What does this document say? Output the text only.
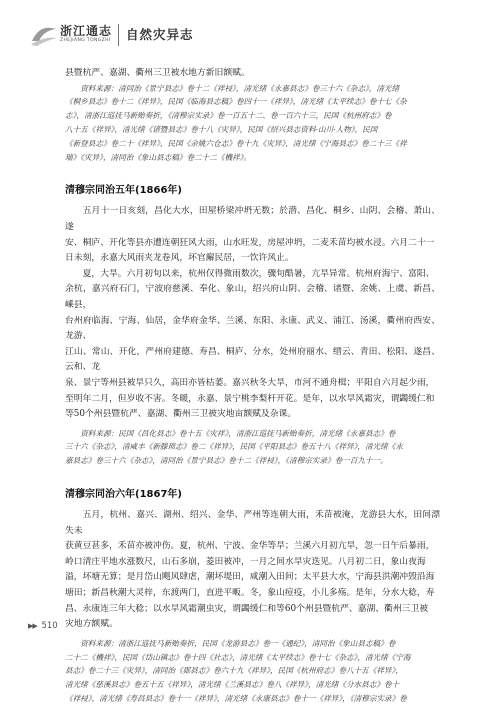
浙江通志
ZHEJIANG TONGZHI 自然灾异志

县暨杭严、嘉湖、衢州三卫被水地方新旧额赋。

资料来源：清同治《景宁县志》卷十二《祥祲》，清光绪《永嘉县志》卷三十六《杂志》，清光绪
《桐乡县志》卷十二《祥异》，民国《临海县志稿》卷四十一《祥异》，清光绪《太平续志》卷十七《杂
志》，清浙江巡抚马新贻奏折，《清穆宗实录》卷一百五十二、卷一百六十三，民国《杭州府志》卷
八十五《祥异》，清光绪《诸暨县志》卷十八《灾异》，民国《绍兴县志资料·山川·人物》，民国
《新登县志》卷二十《祥异》，民国《余姚六仓志》卷十九《灾异》，清光绪《宁海县志》卷二十三《祥
瑞》《灾异》，清同治《象山县志稿》卷二十二《機祥》。

清穆宗同治五年(1866年)

五月十一日亥刻，昌化大水，田屋桥梁冲坍无数；於潜、昌化、桐乡、山阴、会稽、萧山、遂
安、桐庐、开化等县亦遭连朝狂风大雨，山水旺发，房屋冲坍，二麦禾苗均被水浸。六月二十一
日未刻，永嘉大风雨夹龙卷风，坏官廨民居，一饮许风止。

夏，大旱。六月初旬以来，杭州仅得微雨数次，骤旬酷暑，亢旱异常。杭州府海宁、富阳、
余杭，嘉兴府石门，宁波府慈溪、奉化、象山，绍兴府山阴、会稽、诸暨、余姚、上虞、新昌、嵊县，
台州府临海、宁海、仙居，金华府金华、兰溪、东阳、永康、武义、浦江、汤溪，衢州府西安、龙游、
江山、常山、开化，严州府建德、寿昌、桐庐、分水，处州府丽水、缙云、青田、松阳、遂昌、云和、龙
泉、景宁等州县被旱只久，高田亦皆枯萎。嘉兴秋冬大旱，市河不通舟楫；平阳自六月起少雨，
至明年二月，但岁收不害。冬暖，永嘉、景宁桃李梨杆开花。是年，以水旱风霜灾，谓蠲缓仁和
等50个州县暨杭严、嘉湖、衢州三卫被灾地亩额赋及杂课。

资料来源：民国《昌化县志》卷十五《灾祥》，清浙江巡抚马新贻奏折，清光绪《永嘉县志》卷
三十六《杂志》，清咸丰《新滕琐志》卷二《祥异》，民国《平阳县志》卷五十八《祥异》，清光绪《永
嘉县志》卷三十六《杂志》，清同治《景宁县志》卷十二《祥祲》，《清穆宗实录》卷一百九十一。

清穆宗同治六年(1867年)

五月，杭州、嘉兴、湖州、绍兴、金华、严州等连朝大雨，禾苗被淹，龙游县大水，田间漂失未
获黄豆甚多，禾苗亦被冲伤。夏，杭州、宁波、金华等旱；兰溪六月初亢旱，忽一日午后暴雨，
岭口清庄平地水涨数尺，山石多崩，菱田被冲，一月之间水旱灾迭见。八月初二日，象山夜海
溢，坏塘无算；是月岱山飓风肆虐，潮坏堤田，咸潮入田间；太平县大水，宁海县洪潮冲毁沿海
塘田；新昌秋潮大灵梓，东渡两门，直进平畈。冬，象山痘疫，小儿多殇。是年，分水大稔，寿
昌、永康连三年大稔；以水旱风霜潮虫灾，谓蠲缓仁和等60个州县暨杭严、嘉湖、衢州三卫被
灾地方额赋。

资料来源：清浙江巡抚马新贻奏折，民国《龙游县志》卷一《通纪》，清同治《象山县志稿》卷
二十二《機祥》，民国《岱山镇志》卷十四《社志》，清光绪《太平续志》卷十七《杂志》，清光绪《宁海
县志》卷二十三《灾异》，清同治《郧县志》卷六十九《祥异》，民国《杭州府志》卷八十五《祥异》，
清光绪《慈溪县志》卷五十五《祥异》，清光绪《兰溪县志》卷八《祥异》，清光绪《分水县志》卷十
《祥祲》，清光绪《寿昌县志》卷十一《祥异》，清光绪《永康县志》卷十一《祥异》，《清穆宗实录》卷

▶▶ 510
